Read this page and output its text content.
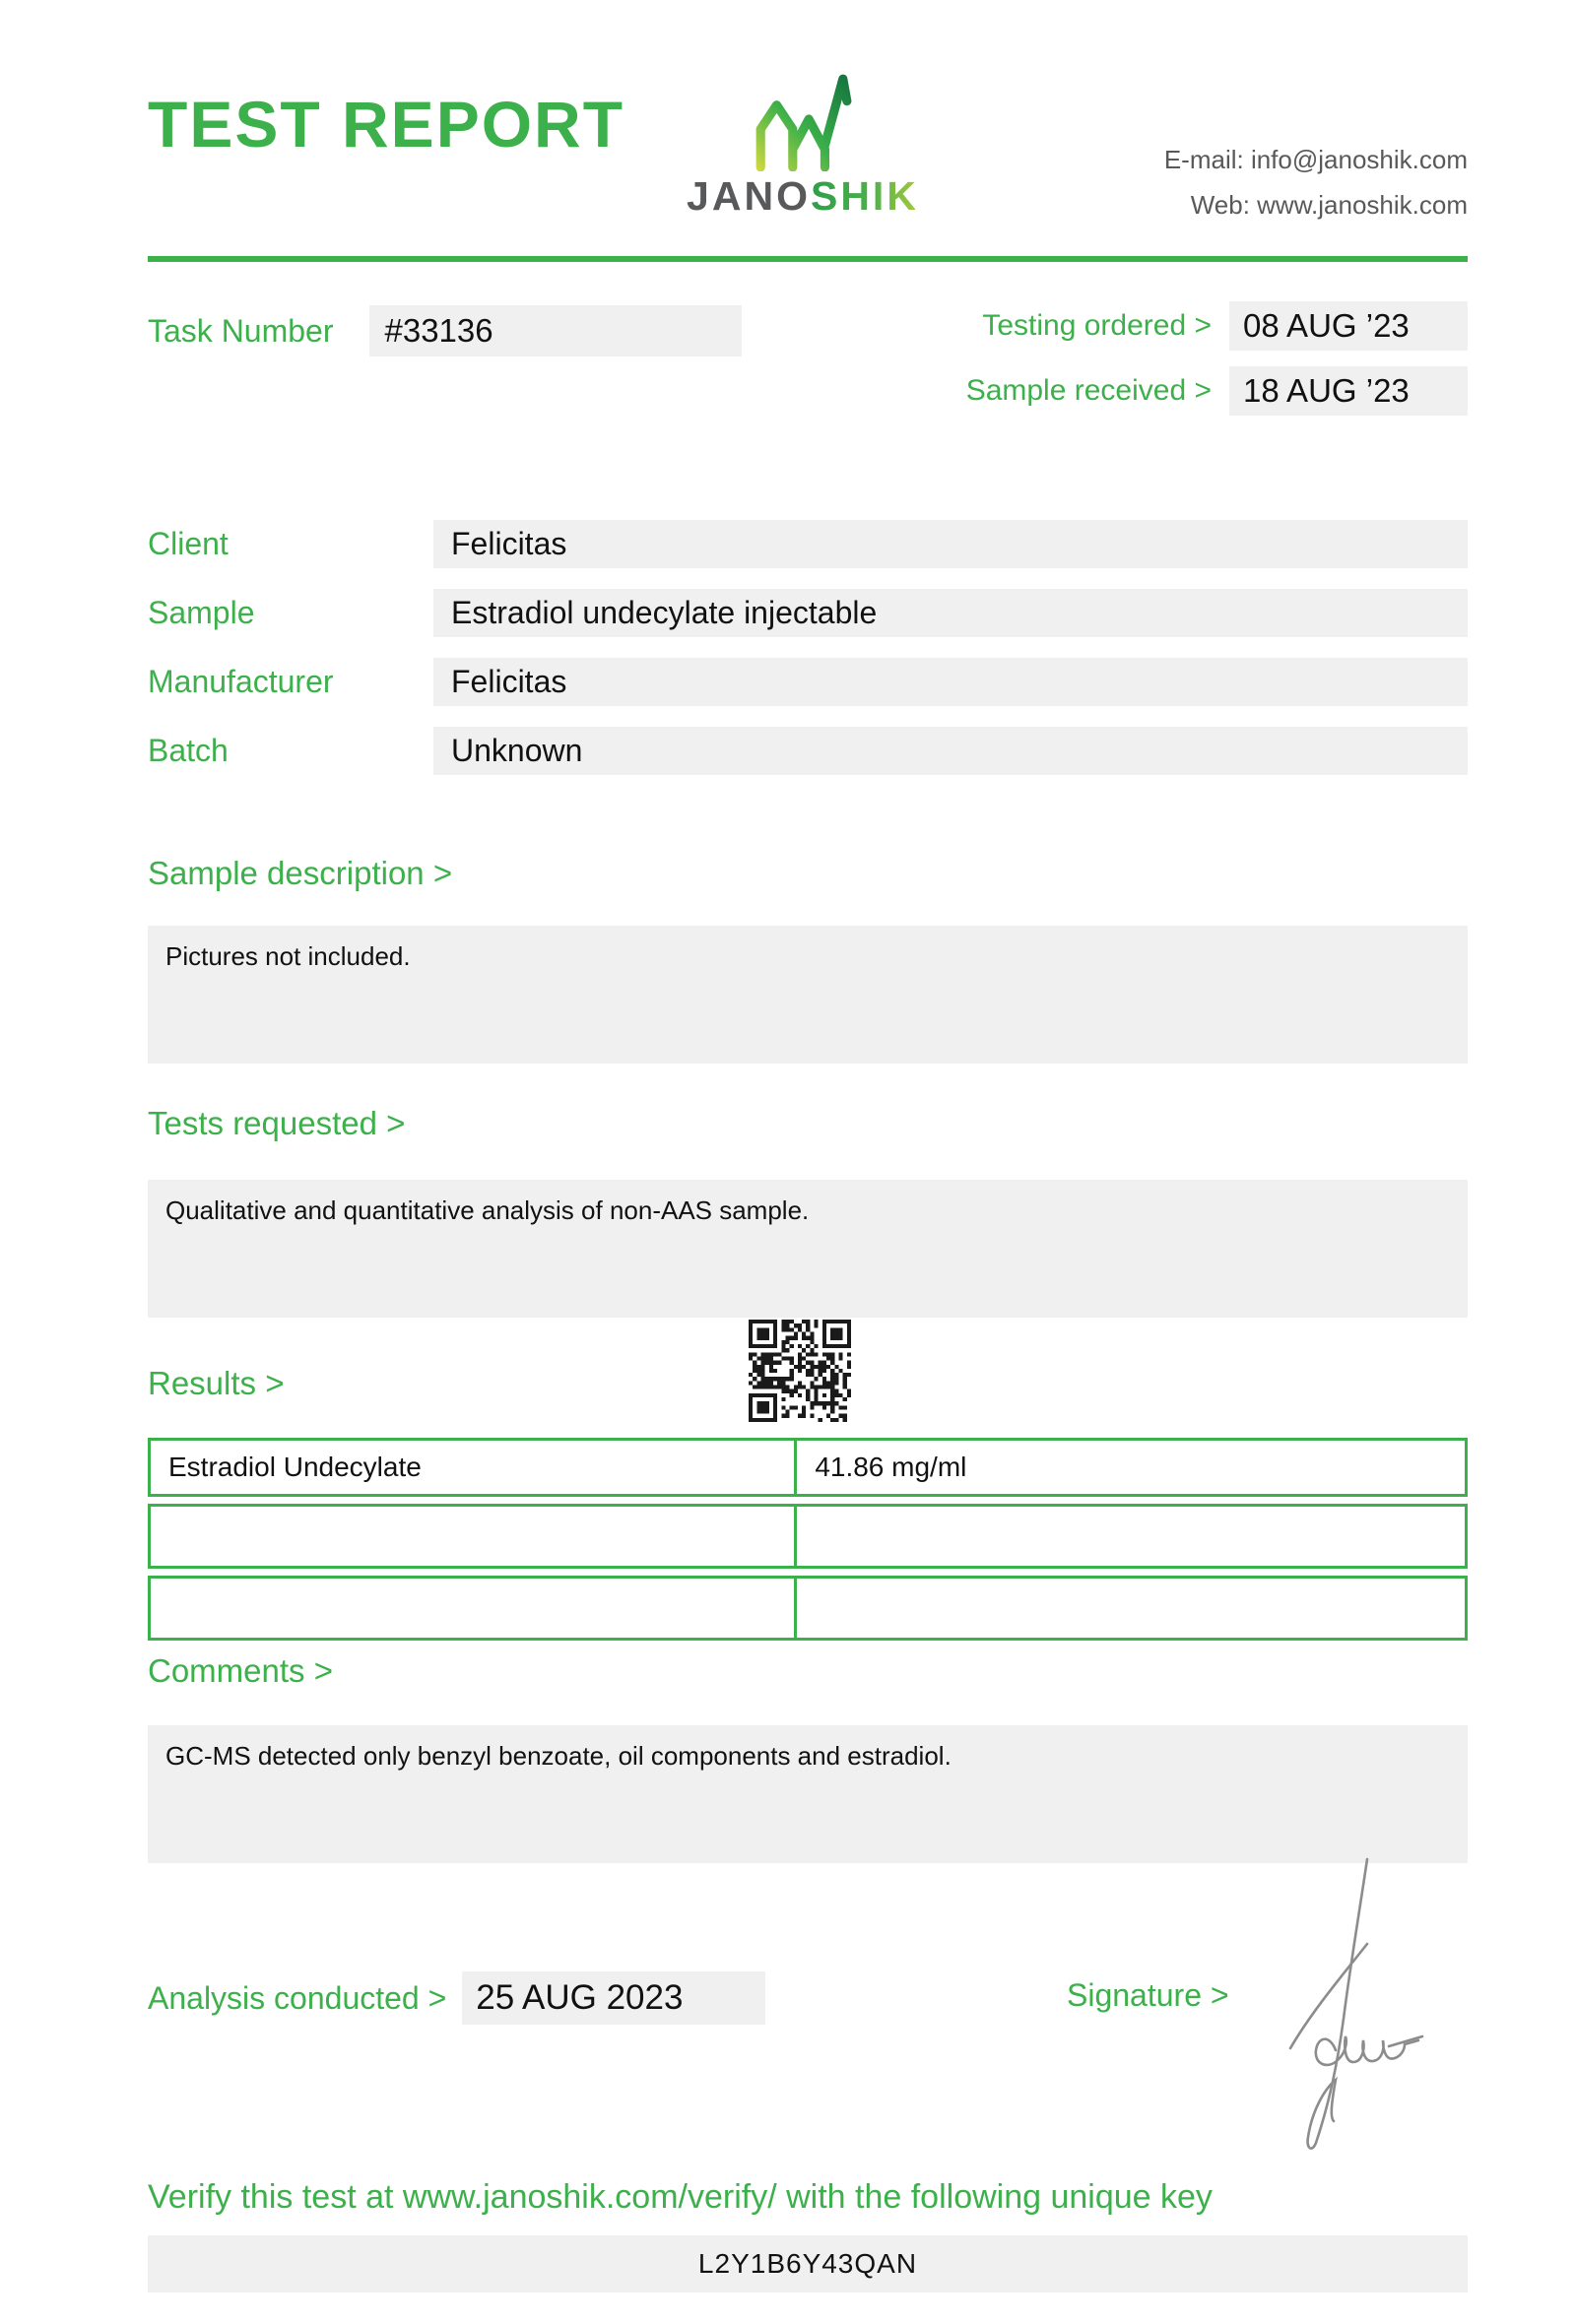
TEST REPORT
JANOSHIK
E-mail: info@janoshik.com
Web: www.janoshik.com
Task Number	#33136	Testing ordered > 08 AUG ’23
Sample received > 18 AUG ’23
Client	Felicitas
Sample	Estradiol undecylate injectable
Manufacturer	Felicitas
Batch	Unknown
Sample description >
Pictures not included.
Tests requested >
Qualitative and quantitative analysis of non-AAS sample.
Results >
Estradiol Undecylate	41.86 mg/ml
Comments >
GC-MS detected only benzyl benzoate, oil components and estradiol.
Analysis conducted > 25 AUG 2023	Signature >
Verify this test at www.janoshik.com/verify/ with the following unique key
L2Y1B6Y43QAN
